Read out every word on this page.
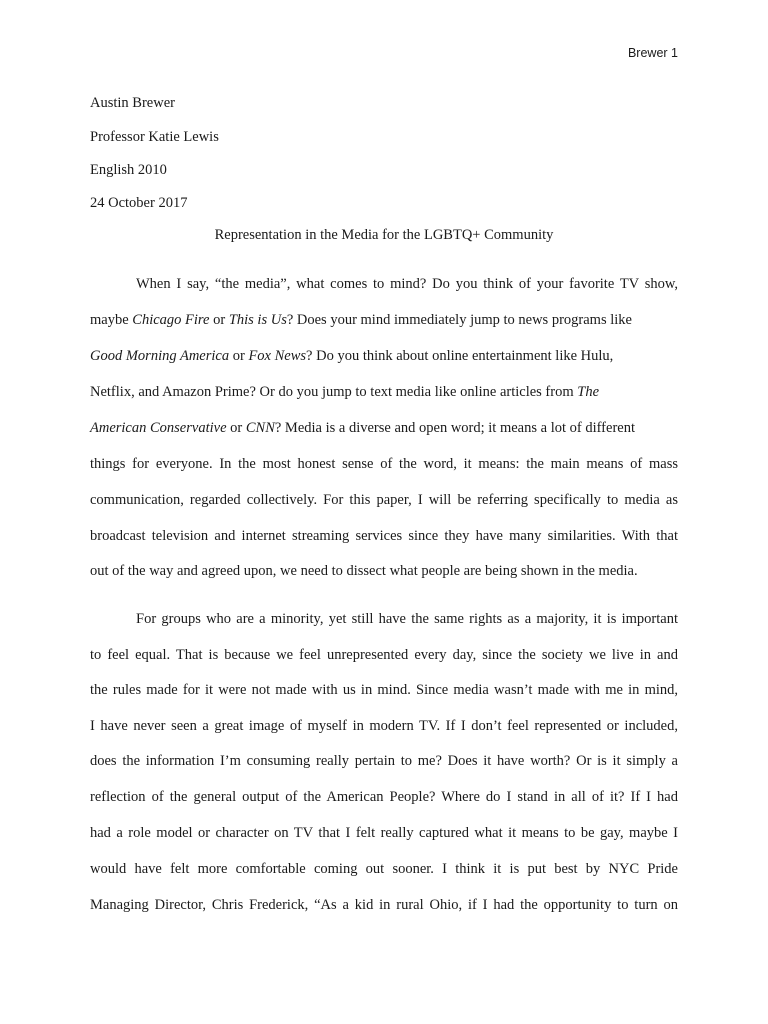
Brewer 1
Austin Brewer
Professor Katie Lewis
English 2010
24 October 2017
Representation in the Media for the LGBTQ+ Community
When I say, “the media”, what comes to mind? Do you think of your favorite TV show,
maybe Chicago Fire or This is Us? Does your mind immediately jump to news programs like
Good Morning America or Fox News? Do you think about online entertainment like Hulu,
Netflix, and Amazon Prime? Or do you jump to text media like online articles from The
American Conservative or CNN? Media is a diverse and open word; it means a lot of different
things for everyone. In the most honest sense of the word, it means: the main means of mass
communication, regarded collectively. For this paper, I will be referring specifically to media as
broadcast television and internet streaming services since they have many similarities. With that
out of the way and agreed upon, we need to dissect what people are being shown in the media.
For groups who are a minority, yet still have the same rights as a majority, it is important
to feel equal. That is because we feel unrepresented every day, since the society we live in and
the rules made for it were not made with us in mind. Since media wasn’t made with me in mind,
I have never seen a great image of myself in modern TV. If I don’t feel represented or included,
does the information I’m consuming really pertain to me? Does it have worth? Or is it simply a
reflection of the general output of the American People? Where do I stand in all of it? If I had
had a role model or character on TV that I felt really captured what it means to be gay, maybe I
would have felt more comfortable coming out sooner. I think it is put best by NYC Pride
Managing Director, Chris Frederick, “As a kid in rural Ohio, if I had the opportunity to turn on
